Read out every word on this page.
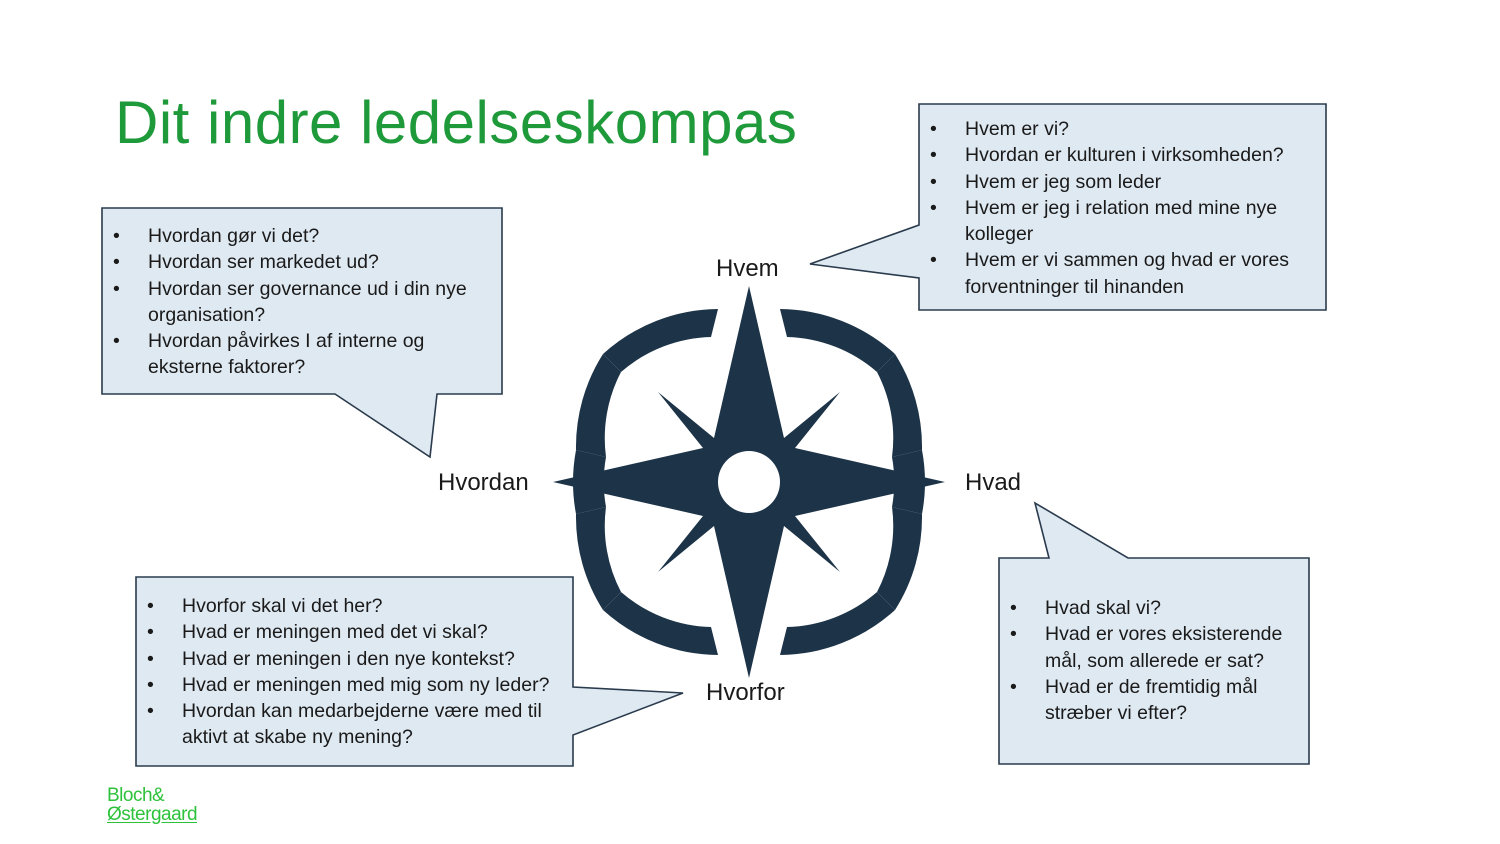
Dit indre ledelseskompas
Hvem
Hvordan	Hvad
Hvorfor
• Hvem er vi?
• Hvordan er kulturen i virksomheden?
• Hvem er jeg som leder
• Hvem er jeg i relation med mine nye kolleger
• Hvem er vi sammen og hvad er vores forventninger til hinanden
• Hvordan gør vi det?
• Hvordan ser markedet ud?
• Hvordan ser governance ud i din nye organisation?
• Hvordan påvirkes I af interne og eksterne faktorer?
• Hvorfor skal vi det her?
• Hvad er meningen med det vi skal?
• Hvad er meningen i den nye kontekst?
• Hvad er meningen med mig som ny leder?
• Hvordan kan medarbejderne være med til aktivt at skabe ny mening?
• Hvad skal vi?
• Hvad er vores eksisterende mål, som allerede er sat?
• Hvad er de fremtidig mål stræber vi efter?
Bloch&
Østergaard
